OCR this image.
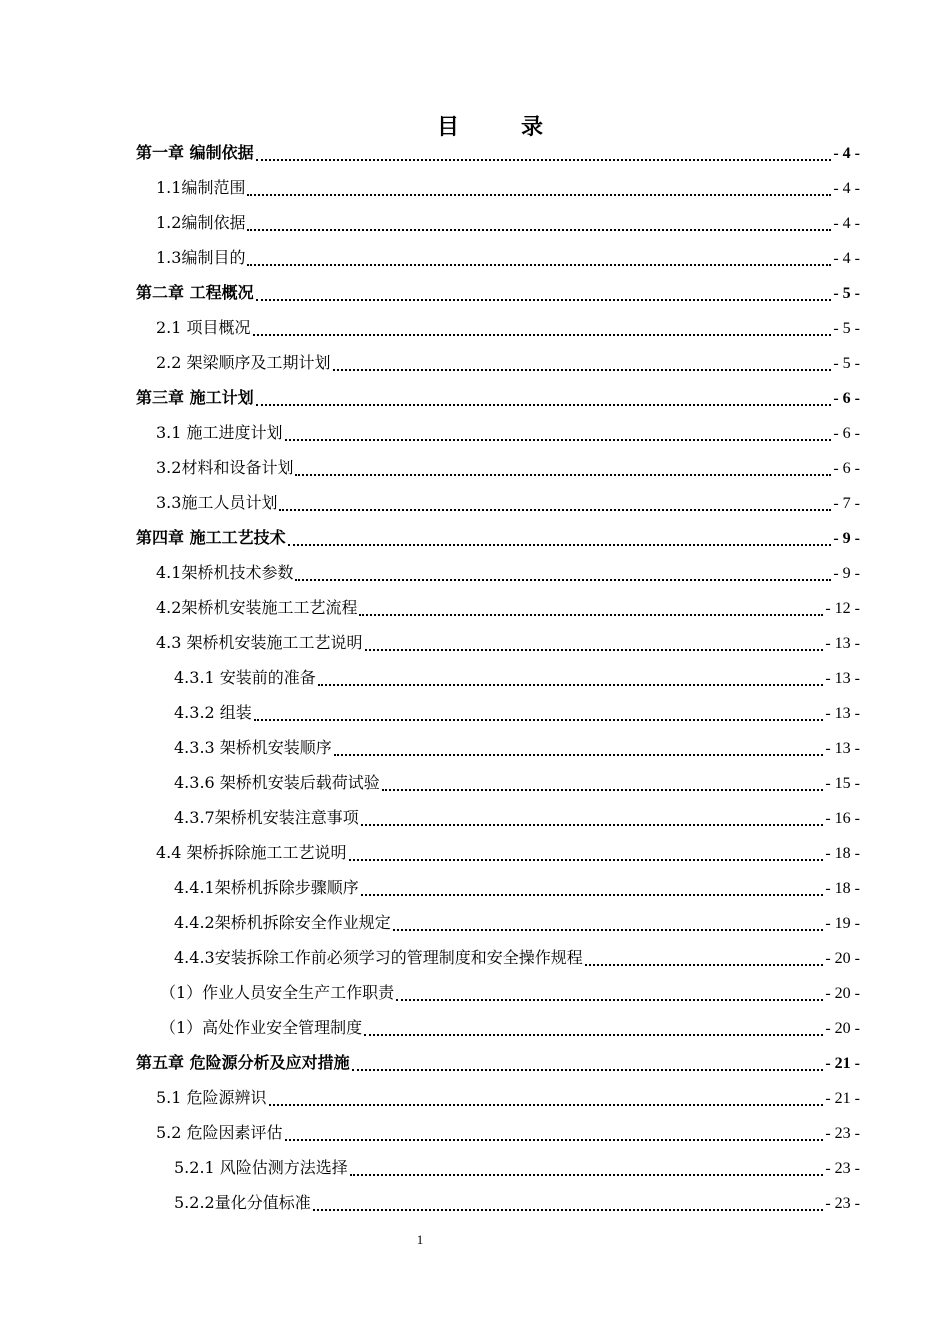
目　录
第一章 编制依据	- 4 -
1.1编制范围	- 4 -
1.2编制依据	- 4 -
1.3编制目的	- 4 -
第二章 工程概况	- 5 -
2.1 项目概况	- 5 -
2.2 架梁顺序及工期计划	- 5 -
第三章 施工计划	- 6 -
3.1 施工进度计划	- 6 -
3.2材料和设备计划	- 6 -
3.3施工人员计划	- 7 -
第四章 施工工艺技术	- 9 -
4.1架桥机技术参数	- 9 -
4.2架桥机安装施工工艺流程	- 12 -
4.3 架桥机安装施工工艺说明	- 13 -
4.3.1 安装前的准备	- 13 -
4.3.2 组装	- 13 -
4.3.3 架桥机安装顺序	- 13 -
4.3.6 架桥机安装后载荷试验	- 15 -
4.3.7架桥机安装注意事项	- 16 -
4.4 架桥拆除施工工艺说明	- 18 -
4.4.1架桥机拆除步骤顺序	- 18 -
4.4.2架桥机拆除安全作业规定	- 19 -
4.4.3安装拆除工作前必须学习的管理制度和安全操作规程	- 20 -
（1）作业人员安全生产工作职责	- 20 -
（1）高处作业安全管理制度	- 20 -
第五章 危险源分析及应对措施	- 21 -
5.1 危险源辨识	- 21 -
5.2 危险因素评估	- 23 -
5.2.1 风险估测方法选择	- 23 -
5.2.2量化分值标准	- 23 -
1
